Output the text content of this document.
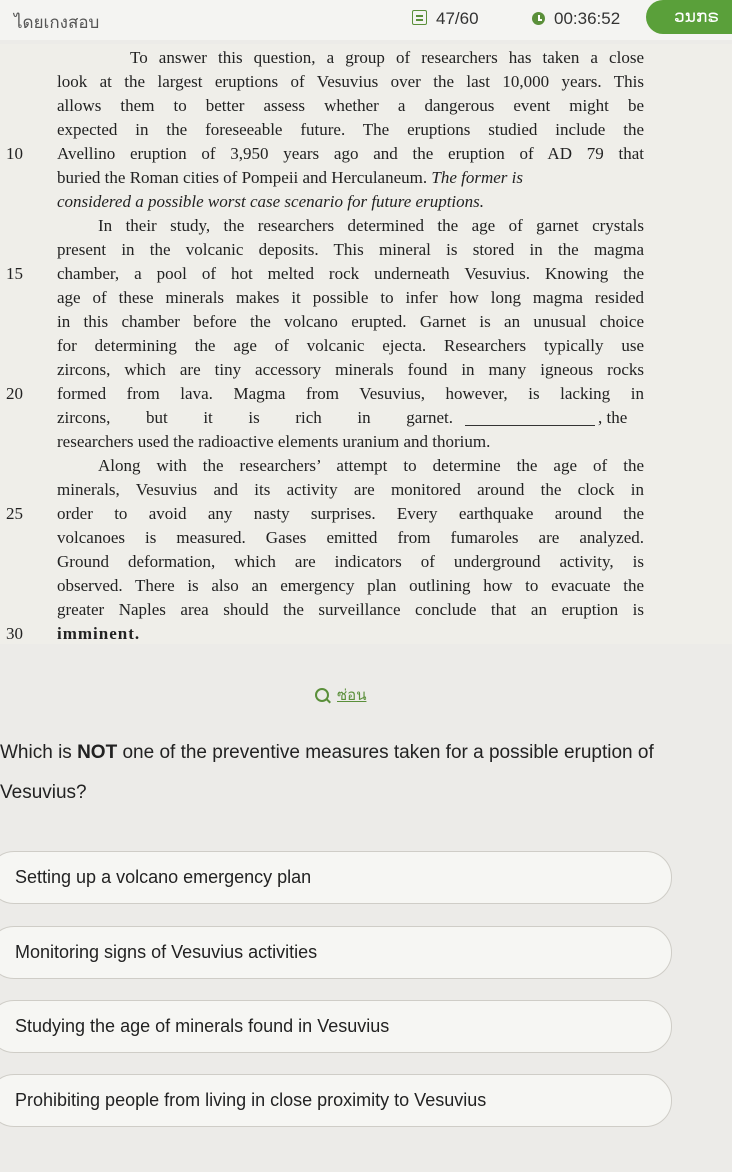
ไดยเกงสอบ	47/60	00:36:52	ວນກຣ
To answer this question, a group of researchers has taken a close
look at the largest eruptions of Vesuvius over the last 10,000 years. This
allows them to better assess whether a dangerous event might be
expected in the foreseeable future. The eruptions studied include the
10 Avellino eruption of 3,950 years ago and the eruption of AD 79 that
buried the Roman cities of Pompeii and Herculaneum. The former is
considered a possible worst case scenario for future eruptions.
In their study, the researchers determined the age of garnet crystals
present in the volcanic deposits. This mineral is stored in the magma
15 chamber, a pool of hot melted rock underneath Vesuvius. Knowing the
age of these minerals makes it possible to infer how long magma resided
in this chamber before the volcano erupted. Garnet is an unusual choice
for determining the age of volcanic ejecta. Researchers typically use
zircons, which are tiny accessory minerals found in many igneous rocks
20 formed from lava. Magma from Vesuvius, however, is lacking in
zircons, but it is rich in garnet.	, the
researchers used the radioactive elements uranium and thorium.
Along with the researchers’ attempt to determine the age of the
minerals, Vesuvius and its activity are monitored around the clock in
25 order to avoid any nasty surprises. Every earthquake around the
volcanoes is measured. Gases emitted from fumaroles are analyzed.
Ground deformation, which are indicators of underground activity, is
observed. There is also an emergency plan outlining how to evacuate the
greater Naples area should the surveillance conclude that an eruption is
30 imminent.
ซ่อน
Which is NOT one of the preventive measures taken for a possible eruption of Vesuvius?
Setting up a volcano emergency plan
Monitoring signs of Vesuvius activities
Studying the age of minerals found in Vesuvius
Prohibiting people from living in close proximity to Vesuvius
